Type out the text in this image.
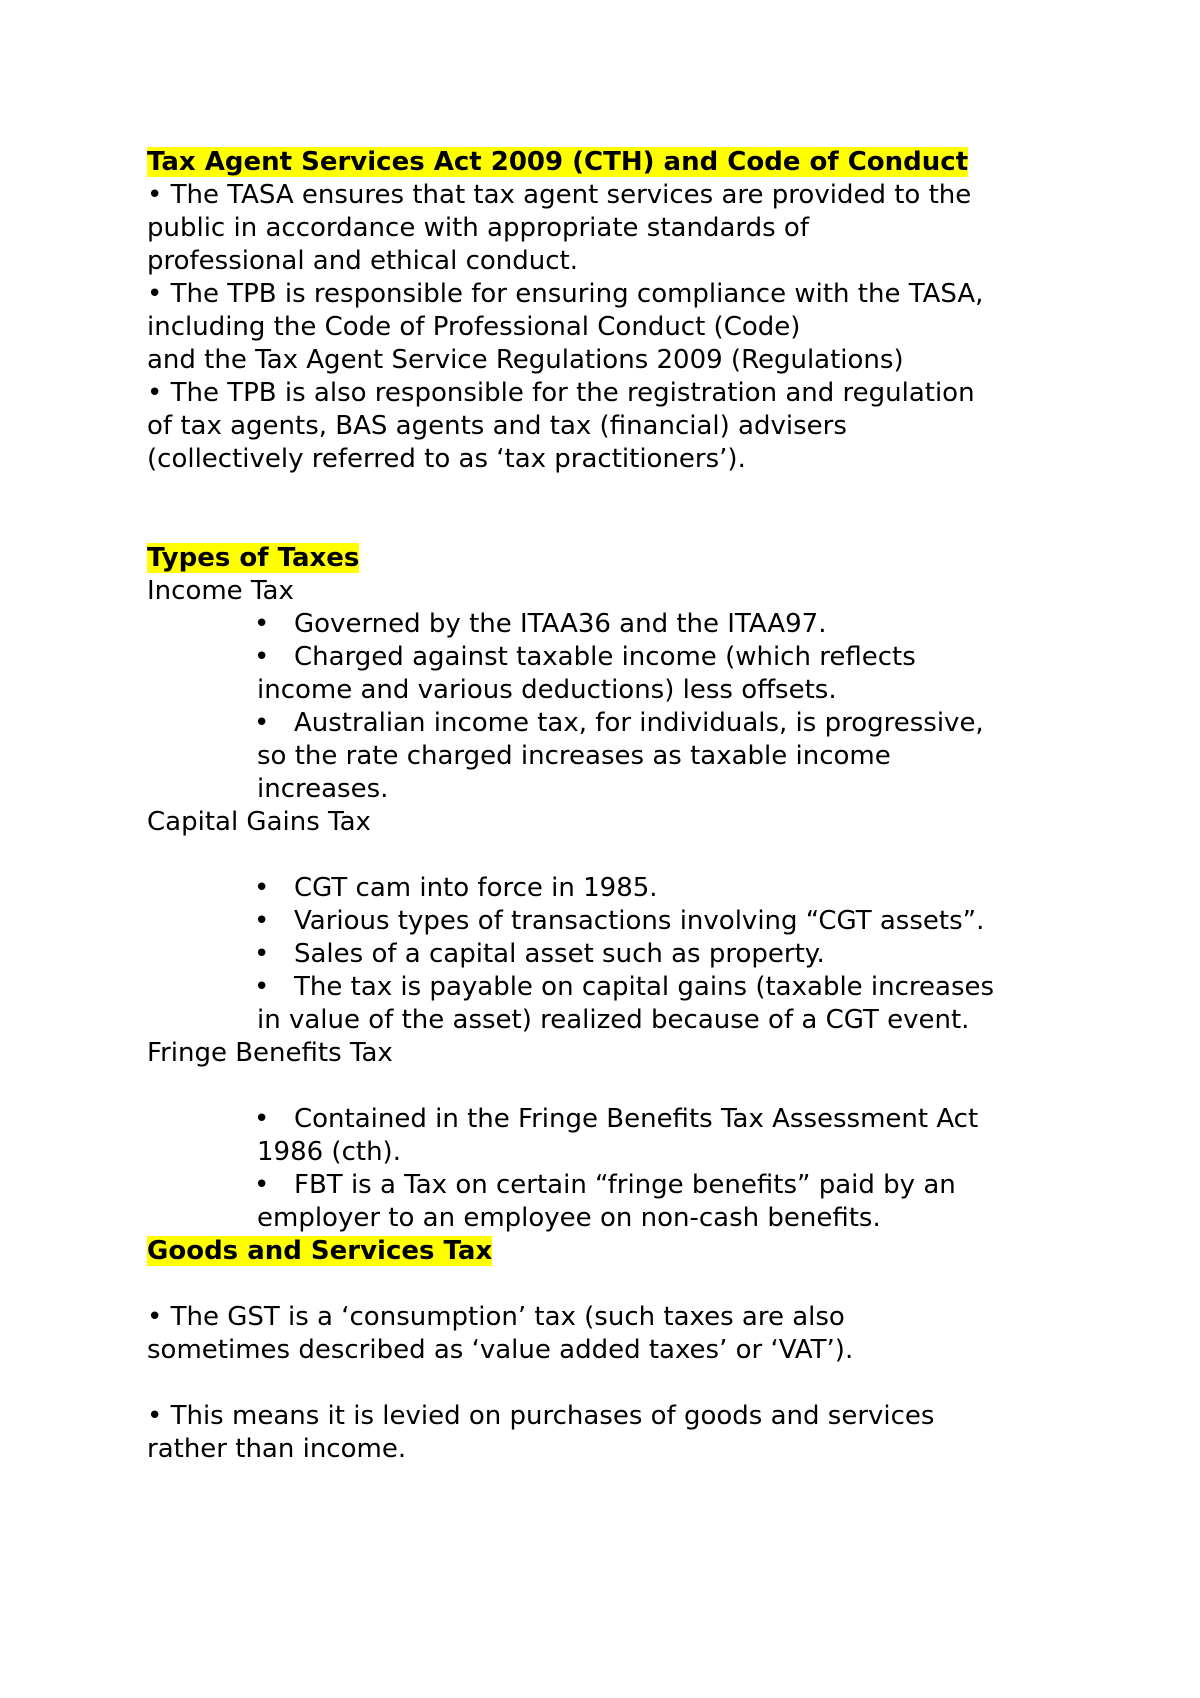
Tax Agent Services Act 2009 (CTH) and Code of Conduct
• The TASA ensures that tax agent services are provided to the
public in accordance with appropriate standards of
professional and ethical conduct.
• The TPB is responsible for ensuring compliance with the TASA,
including the Code of Professional Conduct (Code)
and the Tax Agent Service Regulations 2009 (Regulations)
• The TPB is also responsible for the registration and regulation
of tax agents, BAS agents and tax (financial) advisers
(collectively referred to as ‘tax practitioners’).
Types of Taxes
Income Tax
• Governed by the ITAA36 and the ITAA97.
• Charged against taxable income (which reflects
income and various deductions) less offsets.
• Australian income tax, for individuals, is progressive,
so the rate charged increases as taxable income
increases.
Capital Gains Tax
• CGT cam into force in 1985.
• Various types of transactions involving “CGT assets”.
• Sales of a capital asset such as property.
• The tax is payable on capital gains (taxable increases
in value of the asset) realized because of a CGT event.
Fringe Benefits Tax
• Contained in the Fringe Benefits Tax Assessment Act
1986 (cth).
• FBT is a Tax on certain “fringe benefits” paid by an
employer to an employee on non-cash benefits.
Goods and Services Tax
• The GST is a ‘consumption’ tax (such taxes are also
sometimes described as ‘value added taxes’ or ‘VAT’).
• This means it is levied on purchases of goods and services
rather than income.
